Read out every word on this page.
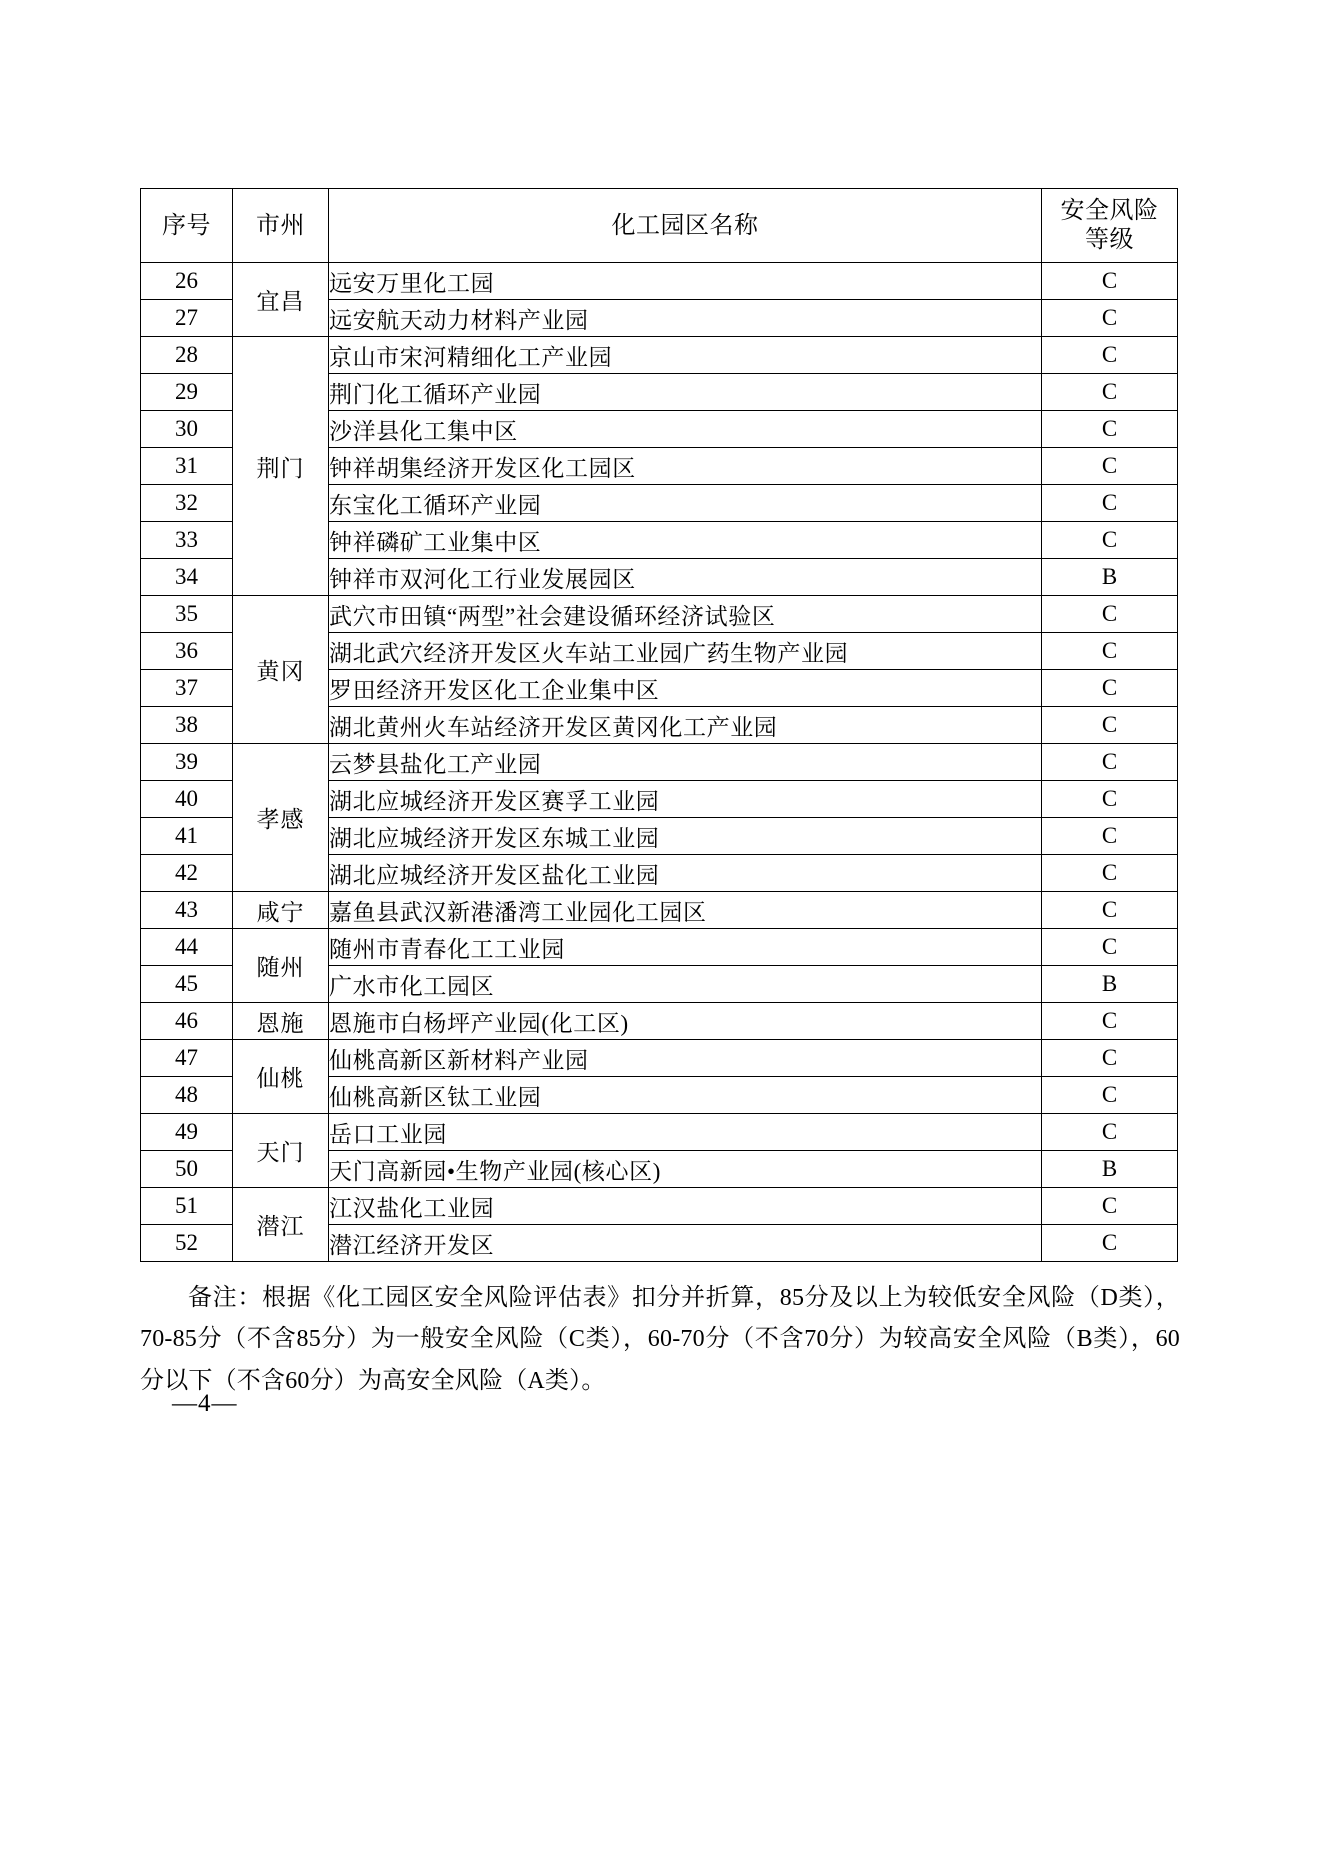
序号	市州	化工园区名称	安全风险
等级

26	宜昌	远安万里化工园	C
27		远安航天动力材料产业园	C
28	荆门	京山市宋河精细化工产业园	C
29		荆门化工循环产业园	C
30		沙洋县化工集中区	C
31		钟祥胡集经济开发区化工园区	C
32		东宝化工循环产业园	C
33		钟祥磷矿工业集中区	C
34		钟祥市双河化工行业发展园区	B
35	黄冈	武穴市田镇“两型”社会建设循环经济试验区	C
36		湖北武穴经济开发区火车站工业园广药生物产业园	C
37		罗田经济开发区化工企业集中区	C
38		湖北黄州火车站经济开发区黄冈化工产业园	C
39	孝感	云梦县盐化工产业园	C
40		湖北应城经济开发区赛孚工业园	C
41		湖北应城经济开发区东城工业园	C
42		湖北应城经济开发区盐化工业园	C
43	咸宁	嘉鱼县武汉新港潘湾工业园化工园区	C
44	随州	随州市青春化工工业园	C
45		广水市化工园区	B
46	恩施	恩施市白杨坪产业园(化工区)	C
47	仙桃	仙桃高新区新材料产业园	C
48		仙桃高新区钛工业园	C
49	天门	岳口工业园	C
50		天门高新园•生物产业园(核心区)	B
51	潜江	江汉盐化工业园	C
52		潜江经济开发区	C

备注：根据《化工园区安全风险评估表》扣分并折算，85分及以上为较低安全风险（D类），70-85分（不含85分）为一般安全风险（C类），60-70分（不含70分）为较高安全风险（B类），60分以下（不含60分）为高安全风险（A类）。

—4—
